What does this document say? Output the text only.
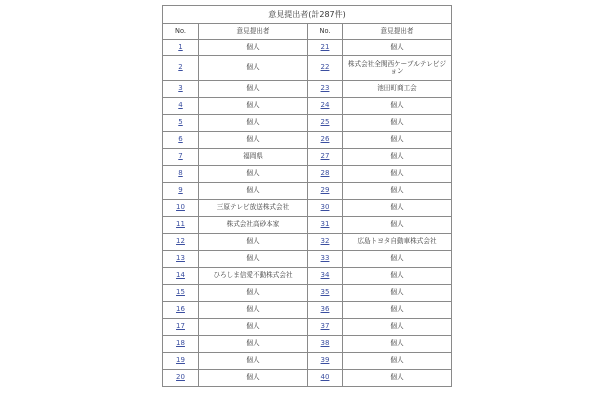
意見提出者(計287件)			
No.	意見提出者	No.	意見提出者
1	個人	21	個人
2	個人	22	株式会社全関西ケーブルテレビジョン
3	個人	23	池田町商工会
4	個人	24	個人
5	個人	25	個人
6	個人	26	個人
7	福岡県	27	個人
8	個人	28	個人
9	個人	29	個人
10	三原テレビ放送株式会社	30	個人
11	株式会社高砂本家	31	個人
12	個人	32	広島トヨタ自動車株式会社
13	個人	33	個人
14	ひろしま信愛不動株式会社	34	個人
15	個人	35	個人
16	個人	36	個人
17	個人	37	個人
18	個人	38	個人
19	個人	39	個人
20	個人	40	個人
